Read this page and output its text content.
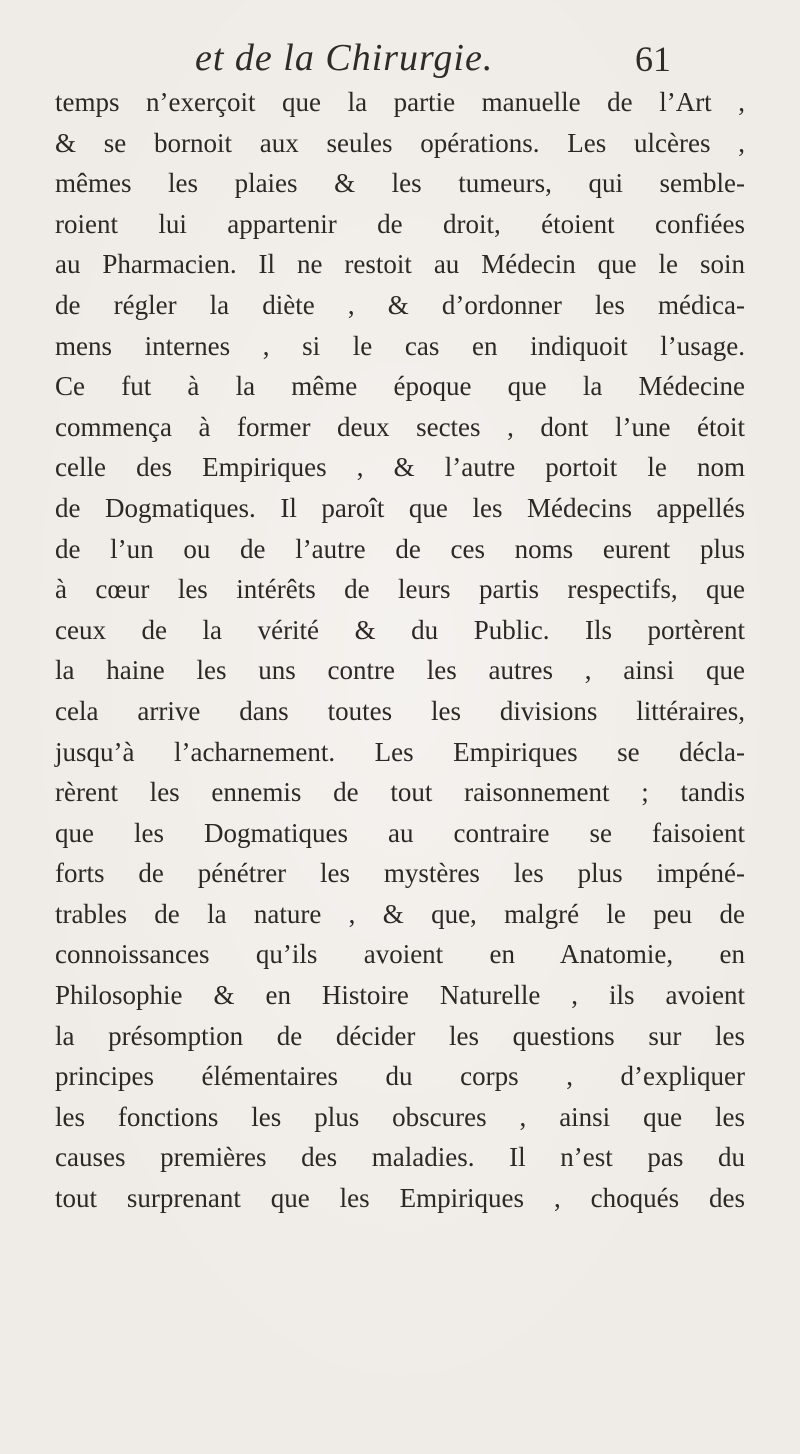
et de la Chirurgie.	61
temps n’exerçoit que la partie manuelle de l’Art ,
& se bornoit aux seules opérations. Les ulcères ,
mêmes les plaies & les tumeurs, qui semble-
roient lui appartenir de droit, étoient confiées
au Pharmacien. Il ne restoit au Médecin que le soin
de régler la diète , & d’ordonner les médica-
mens internes , si le cas en indiquoit l’usage.
Ce fut à la même époque que la Médecine
commença à former deux sectes , dont l’une étoit
celle des Empiriques , & l’autre portoit le nom
de Dogmatiques. Il paroît que les Médecins appellés
de l’un ou de l’autre de ces noms eurent plus
à cœur les intérêts de leurs partis respectifs, que
ceux de la vérité & du Public. Ils portèrent
la haine les uns contre les autres , ainsi que
cela arrive dans toutes les divisions littéraires,
jusqu’à l’acharnement. Les Empiriques se décla-
rèrent les ennemis de tout raisonnement ; tandis
que les Dogmatiques au contraire se faisoient
forts de pénétrer les mystères les plus impéné-
trables de la nature , & que, malgré le peu de
connoissances qu’ils avoient en Anatomie, en
Philosophie & en Histoire Naturelle , ils avoient
la présomption de décider les questions sur les
principes élémentaires du corps , d’expliquer
les fonctions les plus obscures , ainsi que les
causes premières des maladies. Il n’est pas du
tout surprenant que les Empiriques , choqués des
